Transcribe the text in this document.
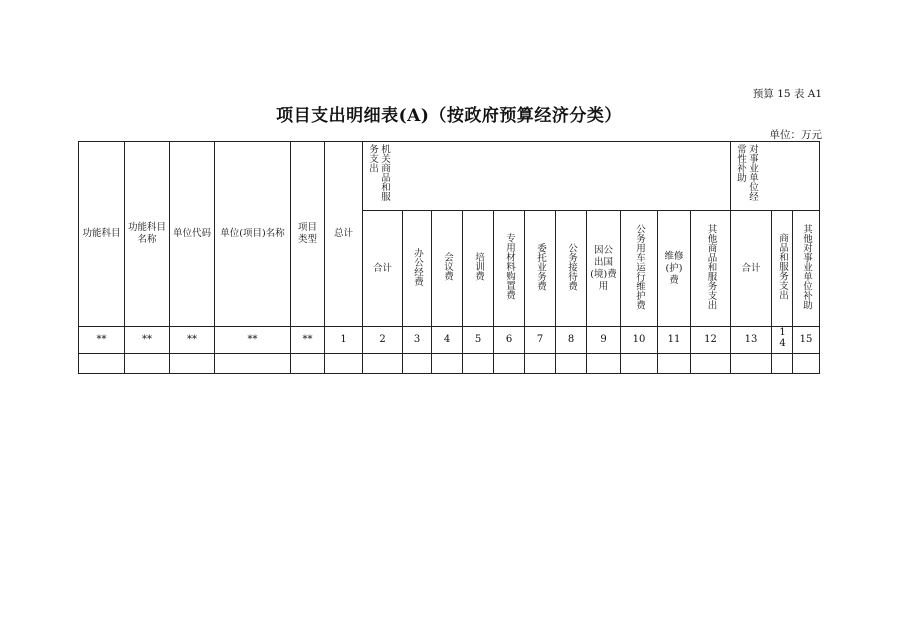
预算 15 表 A1
项目支出明细表(A)（按政府预算经济分类）
单位：万元
功能科目	功能科目名称	单位代码	单位(项目)名称	项目类型	总计	机关商品和服务支出											对事业单位经常性补助		
						合计	办公经费	会议费	培训费	专用材料购置费	委托业务费	公务接待费	因公出国(境)费用	公务用车运行维护费	维修(护)费	其他商品和服务支出	合计	商品和服务支出	其他对事业单位补助
**	**	**	**	**	1	2	3	4	5	6	7	8	9	10	11	12	13	14	15
